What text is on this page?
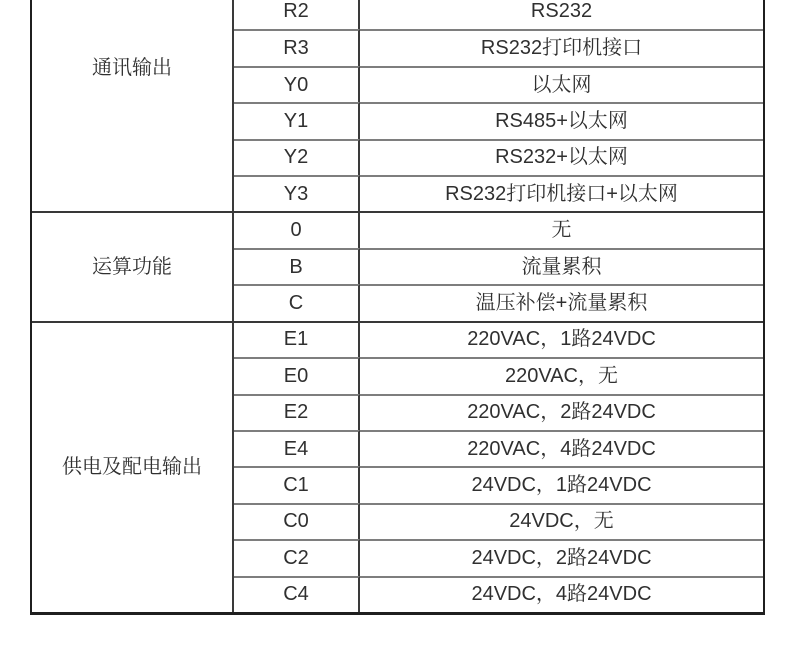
通讯输出
R2	RS232
R3	RS232打印机接口
Y0	以太网
Y1	RS485+以太网
Y2	RS232+以太网
Y3	RS232打印机接口+以太网
运算功能
0	无
B	流量累积
C	温压补偿+流量累积
供电及配电输出
E1	220VAC，1路24VDC
E0	220VAC，无
E2	220VAC，2路24VDC
E4	220VAC，4路24VDC
C1	24VDC，1路24VDC
C0	24VDC，无
C2	24VDC，2路24VDC
C4	24VDC，4路24VDC
